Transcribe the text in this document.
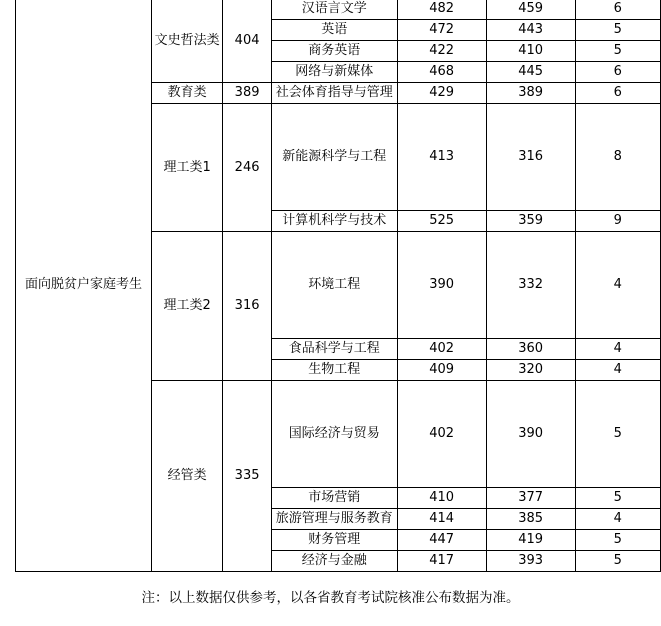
面向脱贫户家庭考生	文史哲法类	404	汉语言文学	482	459	6
			英语	472	443	5
			商务英语	422	410	5
			网络与新媒体	468	445	6
	教育类	389	社会体育指导与管理	429	389	6
	理工类1	246	新能源科学与工程	413	316	8
			计算机科学与技术	525	359	9
	理工类2	316	环境工程	390	332	4
			食品科学与工程	402	360	4
			生物工程	409	320	4
	经管类	335	国际经济与贸易	402	390	5
			市场营销	410	377	5
			旅游管理与服务教育	414	385	4
			财务管理	447	419	5
			经济与金融	417	393	5
注：以上数据仅供参考，以各省教育考试院核准公布数据为准。
